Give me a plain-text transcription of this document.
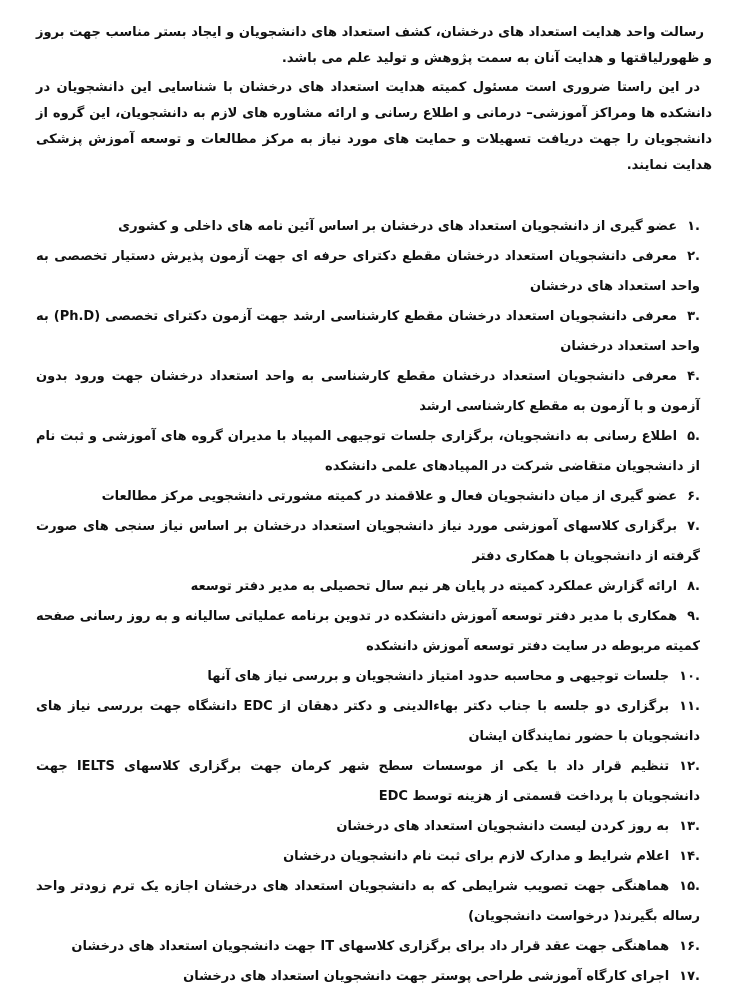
رسالت واحد هدایت استعداد های درخشان، کشف استعداد های دانشجویان و ایجاد بستر مناسب جهت بروز و ظهورلیاقتها و هدایت آنان به سمت پژوهش و تولید علم می باشد.

در این راستا ضروری است مسئول کمیته هدایت استعداد های درخشان با شناسایی این دانشجویان در دانشکده ها ومراکز آموزشی– درمانی و اطلاع رسانی و ارائه مشاوره های لازم به دانشجویان، این گروه از دانشجویان را جهت دریافت تسهیلات و حمایت های مورد نیاز به مرکز مطالعات و توسعه آموزش پزشکی هدایت نمایند.

.۱عضو گیری از دانشجویان استعداد های درخشان بر اساس آئین نامه های داخلی و کشوری
.۲معرفی دانشجویان استعداد درخشان مقطع دکترای حرفه ای جهت آزمون پذیرش دستیار تخصصی به واحد استعداد های درخشان
.۳معرفی دانشجویان استعداد درخشان مقطع کارشناسی ارشد جهت آزمون دکترای تخصصی (Ph.D) به واحد استعداد درخشان
.۴معرفی دانشجویان استعداد درخشان مقطع کارشناسی به واحد استعداد درخشان جهت ورود بدون آزمون و با آزمون به مقطع کارشناسی ارشد
.۵اطلاع رسانی به دانشجویان، برگزاری جلسات توجیهی المپیاد با مدیران گروه های آموزشی و ثبت نام از دانشجویان متقاضی شرکت در المپیادهای علمی دانشکده
.۶عضو گیری از میان دانشجویان فعال و علاقمند در کمیته مشورتی دانشجویی مرکز مطالعات
.۷برگزاری کلاسهای آموزشی مورد نیاز دانشجویان استعداد درخشان بر اساس نیاز سنجی های صورت گرفته از دانشجویان با همکاری دفتر
.۸ارائه گزارش عملکرد کمیته در پایان هر نیم سال تحصیلی به مدیر دفتر توسعه
.۹همکاری با مدیر دفتر توسعه آموزش دانشکده در تدوین برنامه عملیاتی سالیانه و به روز رسانی صفحه کمیته مربوطه در سایت دفتر توسعه آموزش دانشکده
.۱۰جلسات توجیهی و محاسبه حدود امتیاز دانشجویان و بررسی نیاز های آنها
.۱۱برگزاری دو جلسه با جناب دکتر بهاءالدینی و دکتر دهقان از EDC دانشگاه جهت بررسی نیاز های دانشجویان با حضور نمایندگان ایشان
.۱۲تنظیم قرار داد با یکی از موسسات سطح شهر کرمان جهت برگزاری کلاسهای IELTS جهت دانشجویان با پرداخت قسمتی از هزینه توسط EDC
.۱۳به روز کردن لیست دانشجویان استعداد های درخشان
.۱۴اعلام شرایط و مدارک لازم برای ثبت نام دانشجویان درخشان
.۱۵هماهنگی جهت تصویب شرایطی که به دانشجویان استعداد های درخشان اجازه یک ترم زودتر واحد رساله بگیرند( درخواست دانشجویان)
.۱۶هماهنگی جهت عقد قرار داد برای برگزاری کلاسهای IT جهت دانشجویان استعداد های درخشان
.۱۷اجرای کارگاه آموزشی طراحی پوستر جهت دانشجویان استعداد های درخشان
